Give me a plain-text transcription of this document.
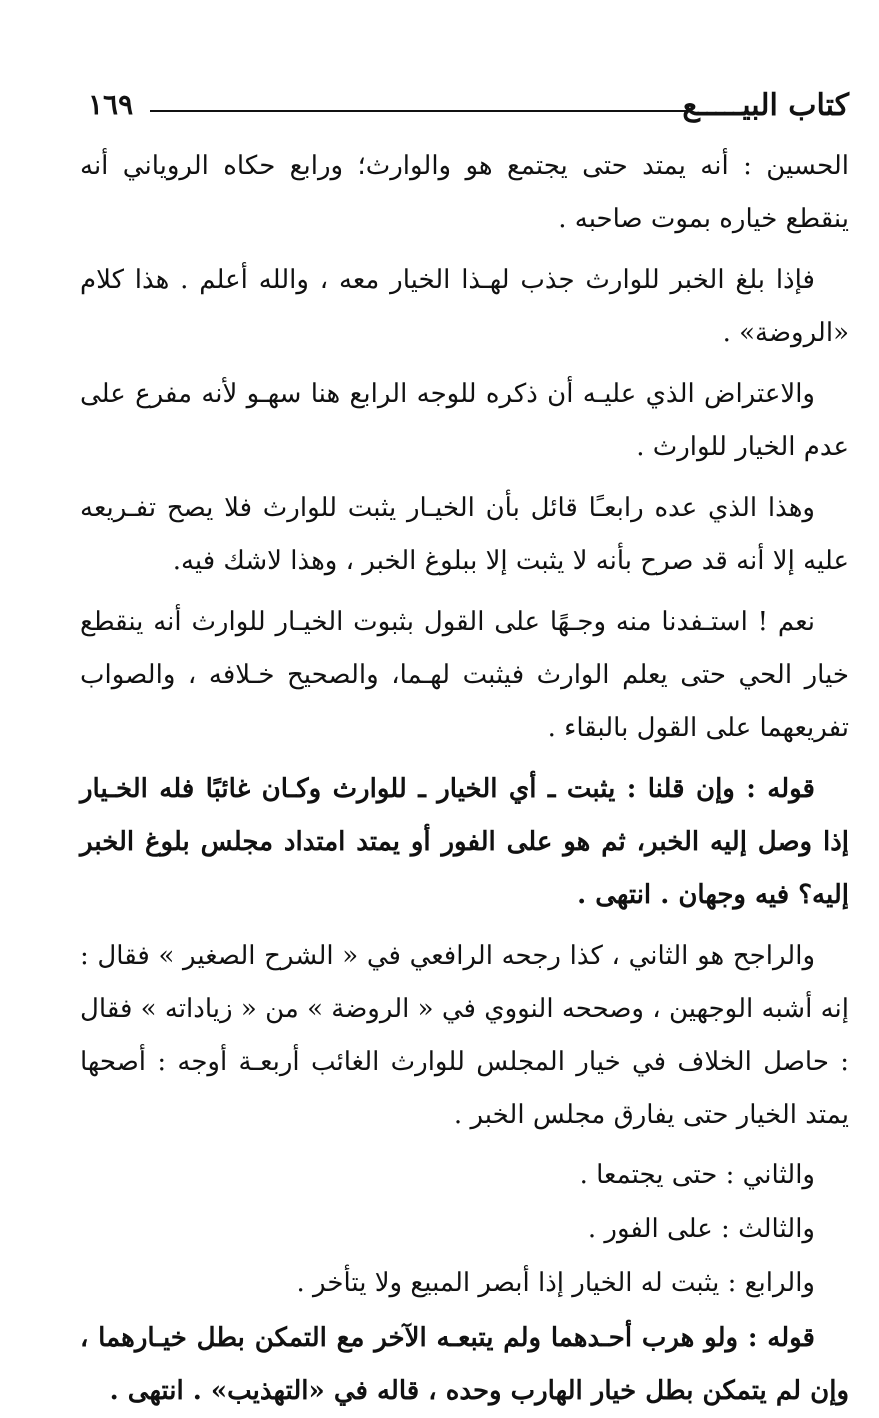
كتاب البيـــــع
١٦٩

الحسين : أنه يمتد حتى يجتمع هو والوارث؛ ورابع حكاه الروياني أنه ينقطع خياره بموت صاحبه .

فإذا بلغ الخبر للوارث جذب لهـذا الخيار معه ، والله أعلم . هذا كلام «الروضة» .

والاعتراض الذي عليـه أن ذكره للوجه الرابع هنا سهـو لأنه مفرع على عدم الخيار للوارث .

وهذا الذي عده رابعـًا قائل بأن الخيـار يثبت للوارث فلا يصح تفـريعه عليه إلا أنه قد صرح بأنه لا يثبت إلا ببلوغ الخبر ، وهذا لاشك فيه.

نعم ! استـفدنا منه وجـهًا على القول بثبوت الخيـار للوارث أنه ينقطع خيار الحي حتى يعلم الوارث فيثبت لهـما، والصحيح خـلافه ، والصواب تفريعهما على القول بالبقاء .

قوله : وإن قلنا : يثبت ـ أي الخيار ـ للوارث وكـان غائبًا فله الخـيار إذا وصل إليه الخبر، ثم هو على الفور أو يمتد امتداد مجلس بلوغ الخبر إليه؟ فيه وجهان . انتهى .

والراجح هو الثاني ، كذا رجحه الرافعي في « الشرح الصغير » فقال : إنه أشبه الوجهين ، وصححه النووي في « الروضة » من « زياداته » فقال : حاصل الخلاف في خيار المجلس للوارث الغائب أربعـة أوجه : أصحها يمتد الخيار حتى يفارق مجلس الخبر .

والثاني : حتى يجتمعا .
والثالث : على الفور .
والرابع : يثبت له الخيار إذا أبصر المبيع ولا يتأخر .

قوله : ولو هرب أحـدهما ولم يتبعـه الآخر مع التمكن بطل خيـارهما ، وإن لم يتمكن بطل خيار الهارب وحده ، قاله في «التهذيب» . انتهى .
